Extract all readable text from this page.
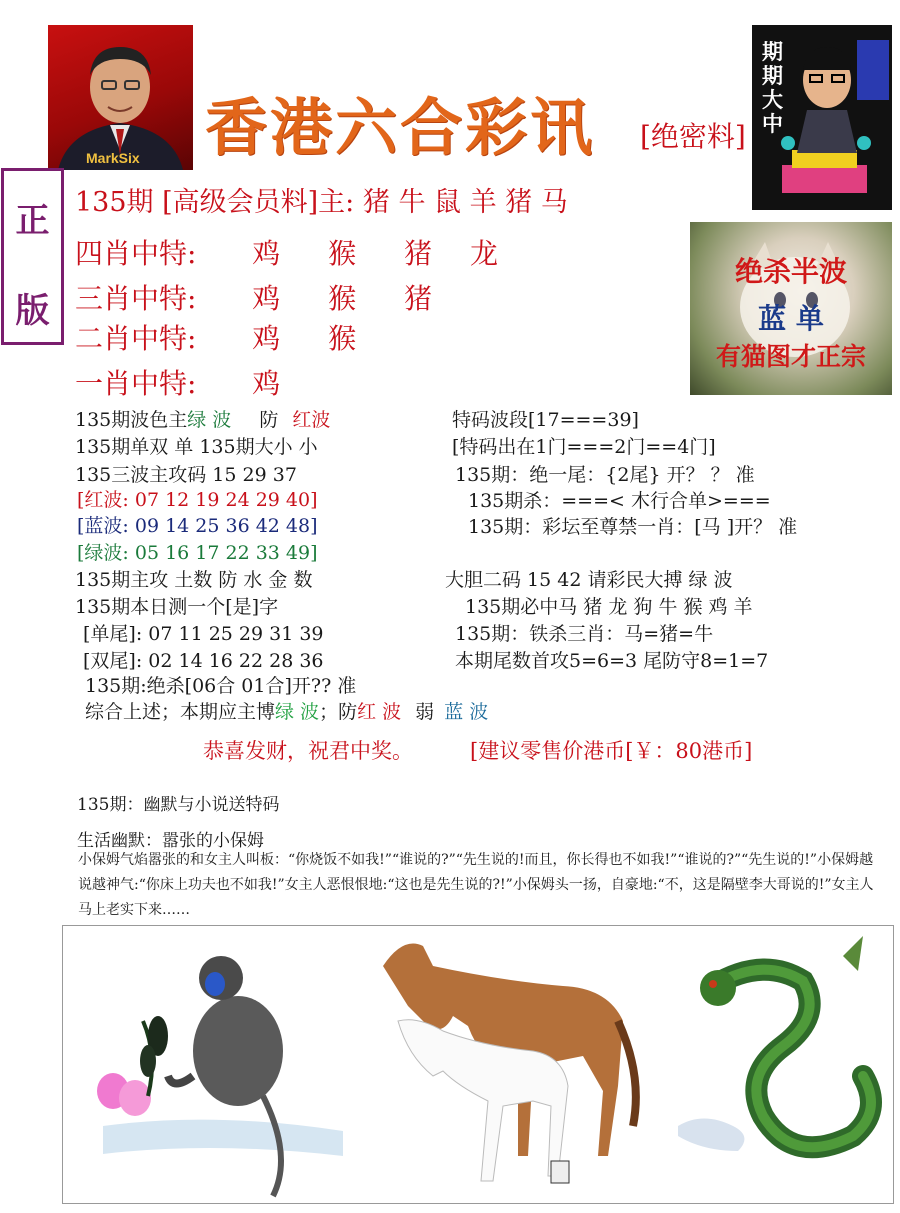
MarkSix 香港六合彩讯 [绝密料]
期期大中
正
版
135期 [高级会员料]主: 猪 牛 鼠 羊 猪 马
四肖中特: 鸡 猴 猪 龙
三肖中特: 鸡 猴 猪
二肖中特: 鸡 猴
一肖中特: 鸡
绝杀半波
蓝 单
有猫图才正宗
135期波色主绿 波 防 红波
135期单双 单 135期大小 小
135三波主攻码 15 29 37
[红波: 07 12 19 24 29 40]
[蓝波: 09 14 25 36 42 48]
[绿波: 05 16 17 22 33 49]
135期主攻 土数 防 水 金 数
135期本日测一个[是]字
[单尾]: 07 11 25 29 31 39
[双尾]: 02 14 16 22 28 36
135期:绝杀[06合 01合]开?? 准
综合上述；本期应主博绿 波；防红 波 弱 蓝 波
特码波段[17===39]
[特码出在1门===2门==4门]
135期：绝一尾：{2尾} 开？ ？ 准
135期杀：===< 木行合单>===
135期：彩坛至尊禁一肖：[马 ]开？ 准
大胆二码 15 42 请彩民大搏 绿 波
135期必中马 猪 龙 狗 牛 猴 鸡 羊
135期：铁杀三肖：马=猪=牛
本期尾数首攻5=6=3 尾防守8=1=7
恭喜发财，祝君中奖。	[建议零售价港币[￥：80港币]
135期：幽默与小说送特码
生活幽默：嚣张的小保姆
小保姆气焰嚣张的和女主人叫板：“你烧饭不如我!”“谁说的?”“先生说的!而且，你长得也不如我!”“谁说的?”“先生说的!”小保姆越说越神气:“你床上功夫也不如我!”女主人恶恨恨地:“这也是先生说的?!”小保姆头一扬，自豪地:“不，这是隔壁李大哥说的!”女主人马上老实下来……
